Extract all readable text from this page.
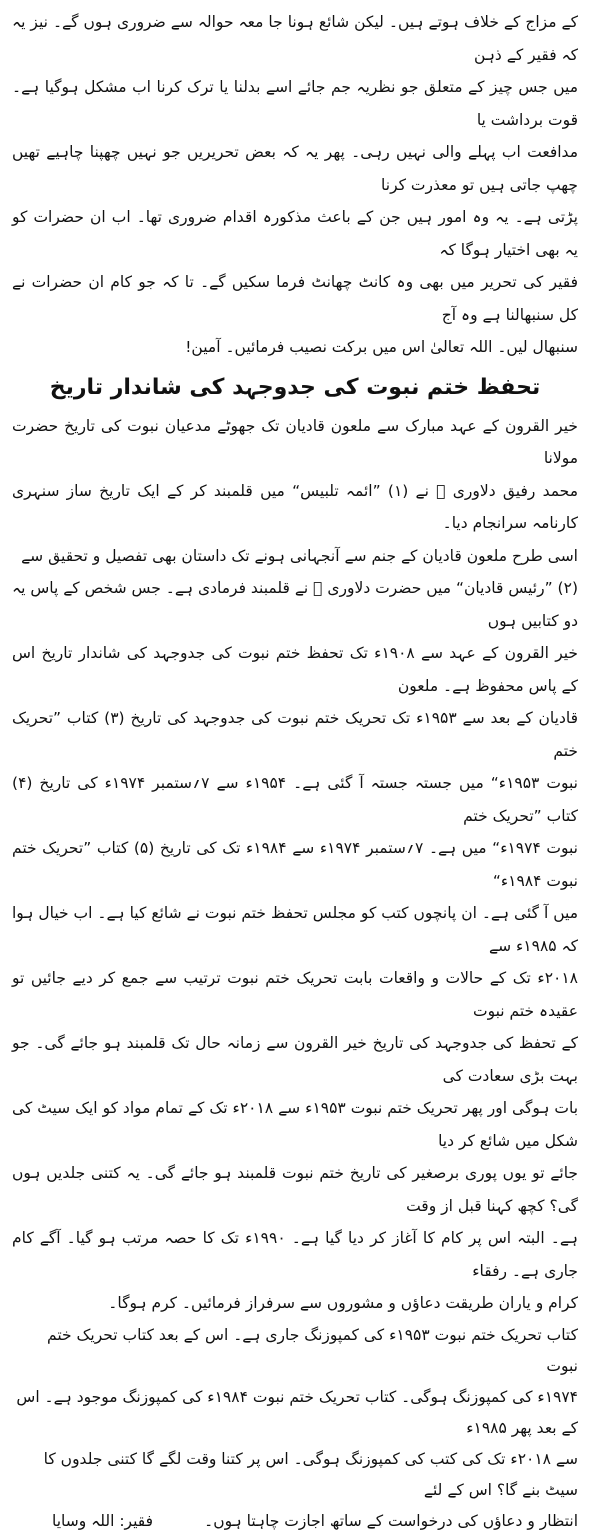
کے مزاج کے خلاف ہوتے ہیں۔ لیکن شائع ہونا جا معہ حوالہ سے ضروری ہوں گے۔ نیز یہ کہ فقیر کے ذہن

میں جس چیز کے متعلق جو نظریہ جم جائے اسے بدلنا یا ترک کرنا اب مشکل ہوگیا ہے۔ قوت برداشت یا

مدافعت اب پہلے والی نہیں رہی۔ پھر یہ کہ بعض تحریریں جو نہیں چھپنا چاہیے تھیں چھپ جاتی ہیں تو معذرت کرنا

پڑتی ہے۔ یہ وہ امور ہیں جن کے باعث مذکورہ اقدام ضروری تھا۔ اب ان حضرات کو یہ بھی اختیار ہوگا کہ

فقیر کی تحریر میں بھی وہ کانٹ چھانٹ فرما سکیں گے۔ تا کہ جو کام ان حضرات نے کل سنبھالنا ہے وہ آج

سنبھال لیں۔ اللہ تعالیٰ اس میں برکت نصیب فرمائیں۔ آمین!

تحفظ ختم نبوت کی جدوجہد کی شاندار تاریخ

خیر القرون کے عہد مبارک سے ملعون قادیان تک جھوٹے مدعیان نبوت کی تاریخ حضرت مولانا

محمد رفیق دلاوری ﷫ نے (۱) ”ائمہ تلبیس“ میں قلمبند کر کے ایک تاریخ ساز سنہری کارنامہ سرانجام دیا۔

اسی طرح ملعون قادیان کے جنم سے آنجہانی ہونے تک داستان بھی تفصیل و تحقیق سے

(۲) ”رئیس قادیان“ میں حضرت دلاوری ﷫ نے قلمبند فرمادی ہے۔ جس شخص کے پاس یہ دو کتابیں ہوں

خیر القرون کے عہد سے ۱۹۰۸ء تک تحفظ ختم نبوت کی جدوجہد کی شاندار تاریخ اس کے پاس محفوظ ہے۔ ملعون

قادیان کے بعد سے ۱۹۵۳ء تک تحریک ختم نبوت کی جدوجہد کی تاریخ (۳) کتاب ”تحریک ختم

نبوت ۱۹۵۳ء“ میں جستہ جستہ آ گئی ہے۔ ۱۹۵۴ء سے ۷؍ستمبر ۱۹۷۴ء کی تاریخ (۴) کتاب ”تحریک ختم

نبوت ۱۹۷۴ء“ میں ہے۔ ۷؍ستمبر ۱۹۷۴ء سے ۱۹۸۴ء تک کی تاریخ (۵) کتاب ”تحریک ختم نبوت ۱۹۸۴ء“

میں آ گئی ہے۔ ان پانچوں کتب کو مجلس تحفظ ختم نبوت نے شائع کیا ہے۔ اب خیال ہوا کہ ۱۹۸۵ء سے

۲۰۱۸ء تک کے حالات و واقعات بابت تحریک ختم نبوت ترتیب سے جمع کر دیے جائیں تو عقیدہ ختم نبوت

کے تحفظ کی جدوجہد کی تاریخ خیر القرون سے زمانہ حال تک قلمبند ہو جائے گی۔ جو بہت بڑی سعادت کی

بات ہوگی اور پھر تحریک ختم نبوت ۱۹۵۳ء سے ۲۰۱۸ء تک کے تمام مواد کو ایک سیٹ کی شکل میں شائع کر دیا

جائے تو یوں پوری برصغیر کی تاریخ ختم نبوت قلمبند ہو جائے گی۔ یہ کتنی جلدیں ہوں گی؟ کچھ کہنا قبل از وقت

ہے۔ البتہ اس پر کام کا آغاز کر دیا گیا ہے۔ ۱۹۹۰ء تک کا حصہ مرتب ہو گیا۔ آگے کام جاری ہے۔ رفقاء

کرام و یاران طریقت دعاؤں و مشوروں سے سرفراز فرمائیں۔ کرم ہوگا۔

کتاب تحریک ختم نبوت ۱۹۵۳ء کی کمپوزنگ جاری ہے۔ اس کے بعد کتاب تحریک ختم نبوت

۱۹۷۴ء کی کمپوزنگ ہوگی۔ کتاب تحریک ختم نبوت ۱۹۸۴ء کی کمپوزنگ موجود ہے۔ اس کے بعد پھر ۱۹۸۵ء

سے ۲۰۱۸ء تک کی کتب کی کمپوزنگ ہوگی۔ اس پر کتنا وقت لگے گا کتنی جلدوں کا سیٹ بنے گا؟ اس کے لئے

انتظار و دعاؤں کی درخواست کے ساتھ اجازت چاہتا ہوں۔
فقیر: اللہ وسایا
